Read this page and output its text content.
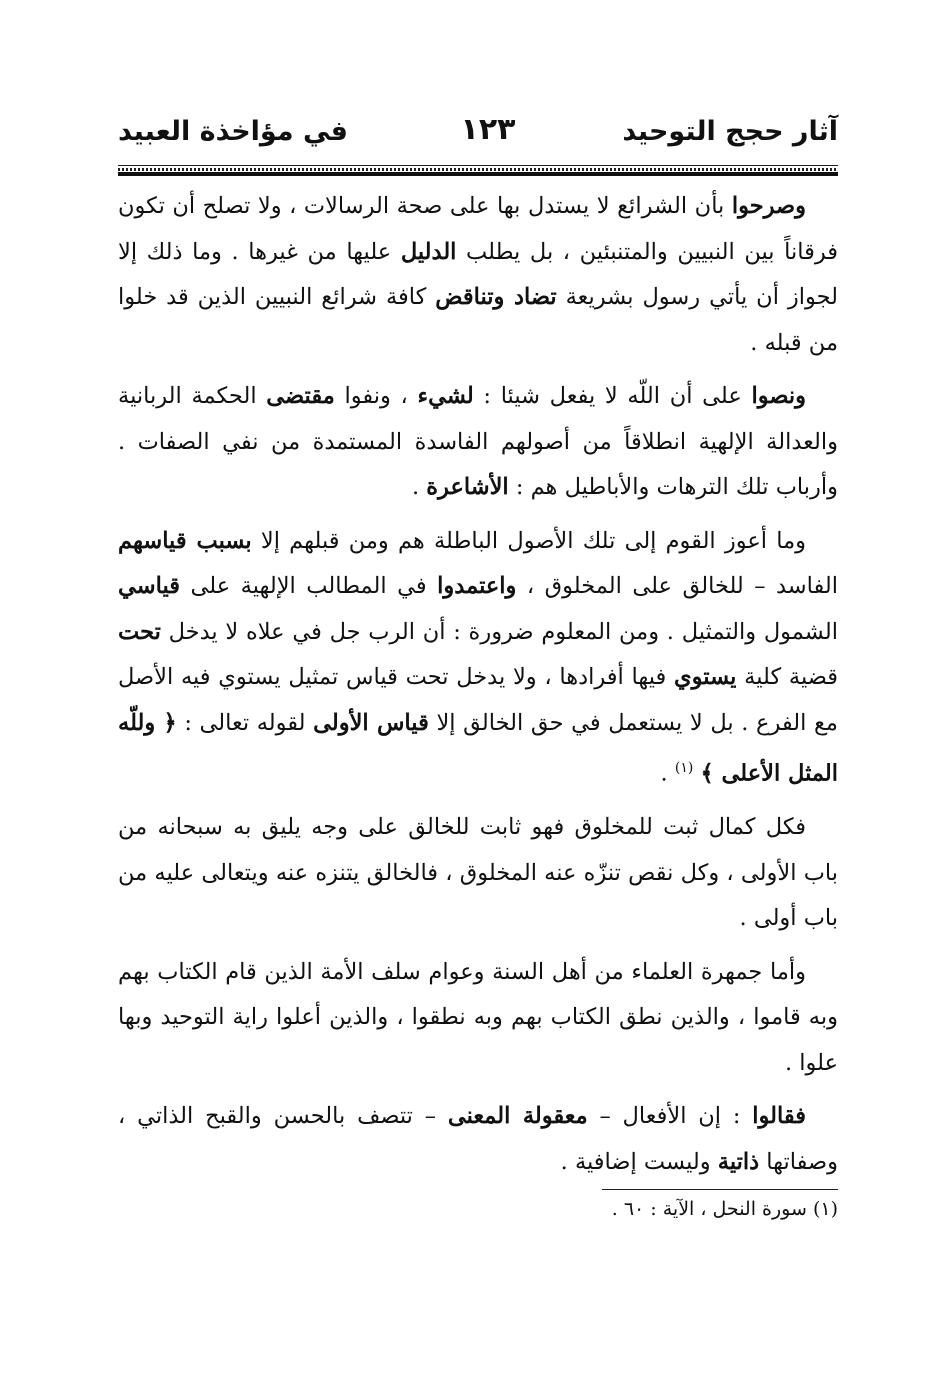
آثار حجج التوحيد
١٢٣
في مؤاخذة العبيد

وصرحوا بأن الشرائع لا يستدل بها على صحة الرسالات ، ولا تصلح أن تكون فرقاناً بين النبيين والمتنبئين ، بل يطلب الدليل عليها من غيرها . وما ذلك إلا لجواز أن يأتي رسول بشريعة تضاد وتناقض كافة شرائع النبيين الذين قد خلوا من قبله .

ونصوا على أن اللّه لا يفعل شيئا : لشيء ، ونفوا مقتضى الحكمة الربانية والعدالة الإلهية انطلاقاً من أصولهم الفاسدة المستمدة من نفي الصفات . وأرباب تلك الترهات والأباطيل هم : الأشاعرة .

وما أعوز القوم إلى تلك الأصول الباطلة هم ومن قبلهم إلا بسبب قياسهم الفاسد – للخالق على المخلوق ، واعتمدوا في المطالب الإلهية على قياسي الشمول والتمثيل . ومن المعلوم ضرورة : أن الرب جل في علاه لا يدخل تحت قضية كلية يستوي فيها أفرادها ، ولا يدخل تحت قياس تمثيل يستوي فيه الأصل مع الفرع . بل لا يستعمل في حق الخالق إلا قياس الأولى لقوله تعالى : ﴿ وللّه المثل الأعلى ﴾ $^{(١)}$ .

فكل كمال ثبت للمخلوق فهو ثابت للخالق على وجه يليق به سبحانه من باب الأولى ، وكل نقص تنزّه عنه المخلوق ، فالخالق يتنزه عنه ويتعالى عليه من باب أولى .

وأما جمهرة العلماء من أهل السنة وعوام سلف الأمة الذين قام الكتاب بهم وبه قاموا ، والذين نطق الكتاب بهم وبه نطقوا ، والذين أعلوا راية التوحيد وبها علوا .

فقالوا : إن الأفعال – معقولة المعنى – تتصف بالحسن والقبح الذاتي ، وصفاتها ذاتية وليست إضافية .

(١) سورة النحل ، الآية : ٦٠ .
